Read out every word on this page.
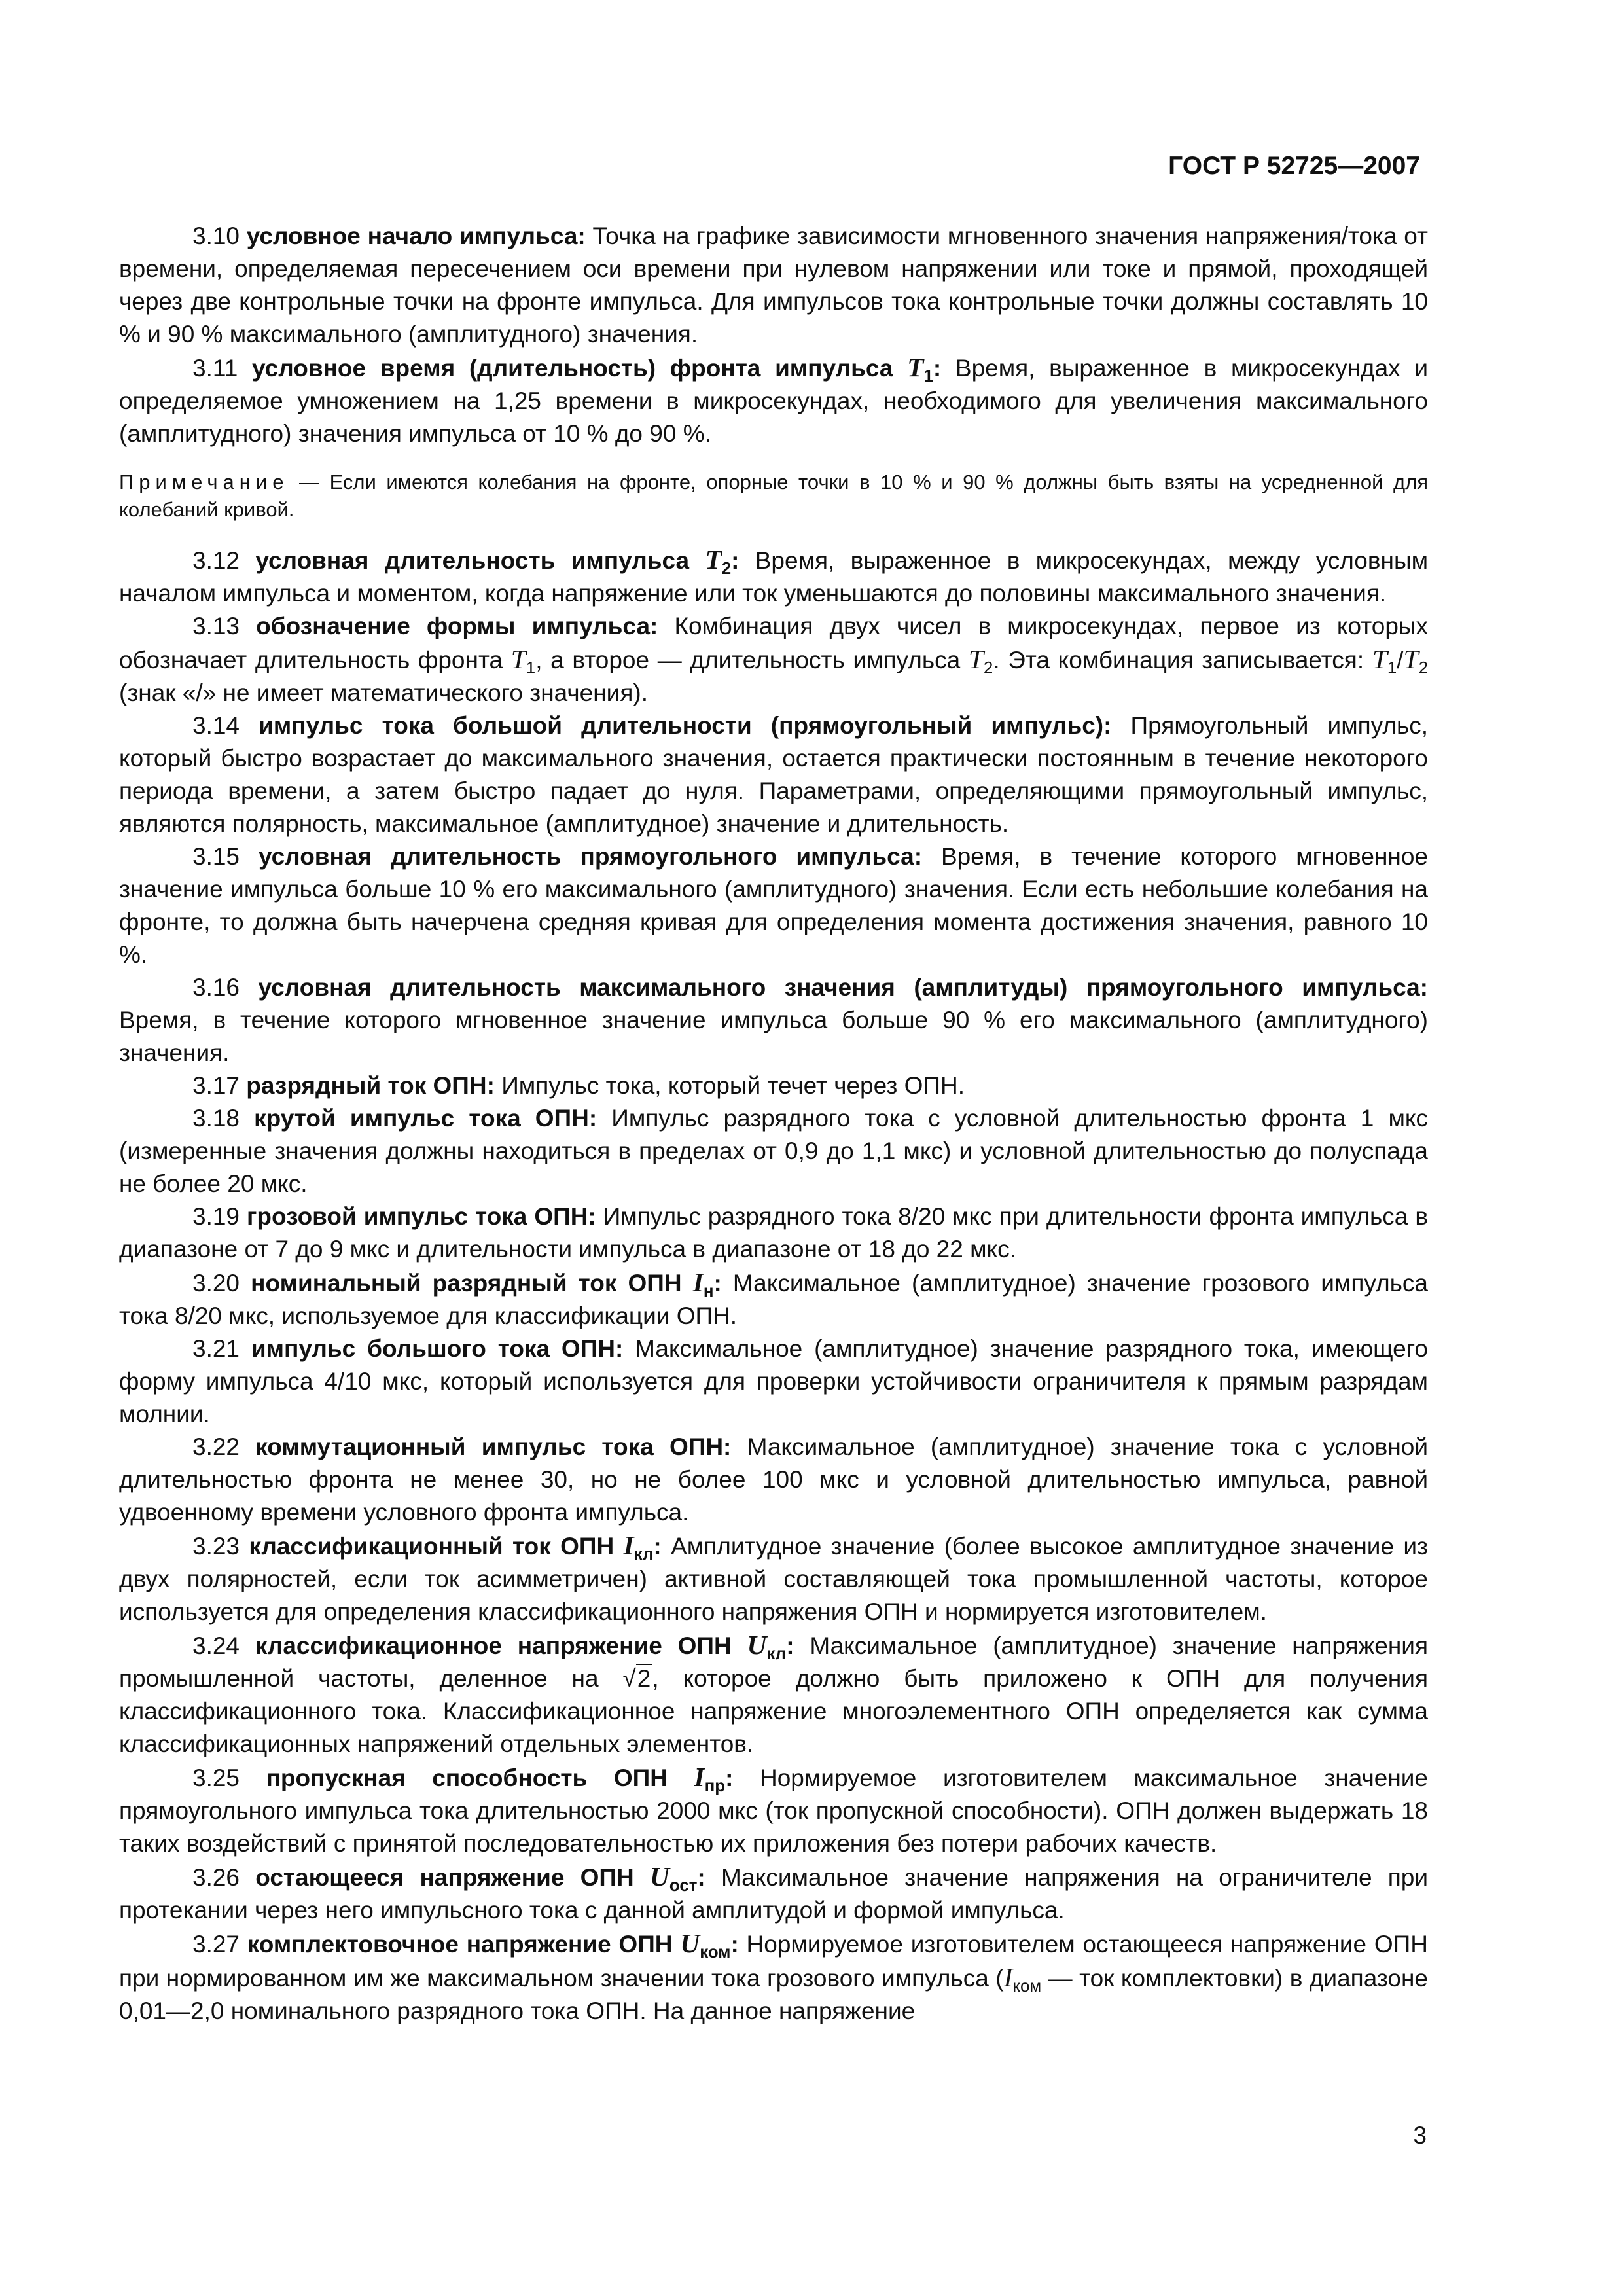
ГОСТ Р 52725—2007

3.10 условное начало импульса: Точка на графике зависимости мгновенного значения напряжения/тока от времени, определяемая пересечением оси времени при нулевом напряжении или токе и прямой, проходящей через две контрольные точки на фронте импульса. Для импульсов тока контрольные точки должны составлять 10 % и 90 % максимального (амплитудного) значения.

3.11 условное время (длительность) фронта импульса $T_1$: Время, выраженное в микросекундах и определяемое умножением на 1,25 времени в микросекундах, необходимого для увеличения максимального (амплитудного) значения импульса от 10 % до 90 %.

Примечание — Если имеются колебания на фронте, опорные точки в 10 % и 90 % должны быть взяты на усредненной для колебаний кривой.

3.12 условная длительность импульса $T_2$: Время, выраженное в микросекундах, между условным началом импульса и моментом, когда напряжение или ток уменьшаются до половины максимального значения.

3.13 обозначение формы импульса: Комбинация двух чисел в микросекундах, первое из которых обозначает длительность фронта $T_1$, а второе — длительность импульса $T_2$. Эта комбинация записывается: $T_1/T_2$ (знак «/» не имеет математического значения).

3.14 импульс тока большой длительности (прямоугольный импульс): Прямоугольный импульс, который быстро возрастает до максимального значения, остается практически постоянным в течение некоторого периода времени, а затем быстро падает до нуля. Параметрами, определяющими прямоугольный импульс, являются полярность, максимальное (амплитудное) значение и длительность.

3.15 условная длительность прямоугольного импульса: Время, в течение которого мгновенное значение импульса больше 10 % его максимального (амплитудного) значения. Если есть небольшие колебания на фронте, то должна быть начерчена средняя кривая для определения момента достижения значения, равного 10 %.

3.16 условная длительность максимального значения (амплитуды) прямоугольного импульса: Время, в течение которого мгновенное значение импульса больше 90 % его максимального (амплитудного) значения.

3.17 разрядный ток ОПН: Импульс тока, который течет через ОПН.

3.18 крутой импульс тока ОПН: Импульс разрядного тока с условной длительностью фронта 1 мкс (измеренные значения должны находиться в пределах от 0,9 до 1,1 мкс) и условной длительностью до полуспада не более 20 мкс.

3.19 грозовой импульс тока ОПН: Импульс разрядного тока 8/20 мкс при длительности фронта импульса в диапазоне от 7 до 9 мкс и длительности импульса в диапазоне от 18 до 22 мкс.

3.20 номинальный разрядный ток ОПН $I_н$: Максимальное (амплитудное) значение грозового импульса тока 8/20 мкс, используемое для классификации ОПН.

3.21 импульс большого тока ОПН: Максимальное (амплитудное) значение разрядного тока, имеющего форму импульса 4/10 мкс, который используется для проверки устойчивости ограничителя к прямым разрядам молнии.

3.22 коммутационный импульс тока ОПН: Максимальное (амплитудное) значение тока с условной длительностью фронта не менее 30, но не более 100 мкс и условной длительностью импульса, равной удвоенному времени условного фронта импульса.

3.23 классификационный ток ОПН $I_{кл}$: Амплитудное значение (более высокое амплитудное значение из двух полярностей, если ток асимметричен) активной составляющей тока промышленной частоты, которое используется для определения классификационного напряжения ОПН и нормируется изготовителем.

3.24 классификационное напряжение ОПН $U_{кл}$: Максимальное (амплитудное) значение напряжения промышленной частоты, деленное на √2, которое должно быть приложено к ОПН для получения классификационного тока. Классификационное напряжение многоэлементного ОПН определяется как сумма классификационных напряжений отдельных элементов.

3.25 пропускная способность ОПН $I_{пр}$: Нормируемое изготовителем максимальное значение прямоугольного импульса тока длительностью 2000 мкс (ток пропускной способности). ОПН должен выдержать 18 таких воздействий с принятой последовательностью их приложения без потери рабочих качеств.

3.26 остающееся напряжение ОПН $U_{ост}$: Максимальное значение напряжения на ограничителе при протекании через него импульсного тока с данной амплитудой и формой импульса.

3.27 комплектовочное напряжение ОПН $U_{ком}$: Нормируемое изготовителем остающееся напряжение ОПН при нормированном им же максимальном значении тока грозового импульса ($I_{ком}$ — ток комплектовки) в диапазоне 0,01—2,0 номинального разрядного тока ОПН. На данное напряжение

3
